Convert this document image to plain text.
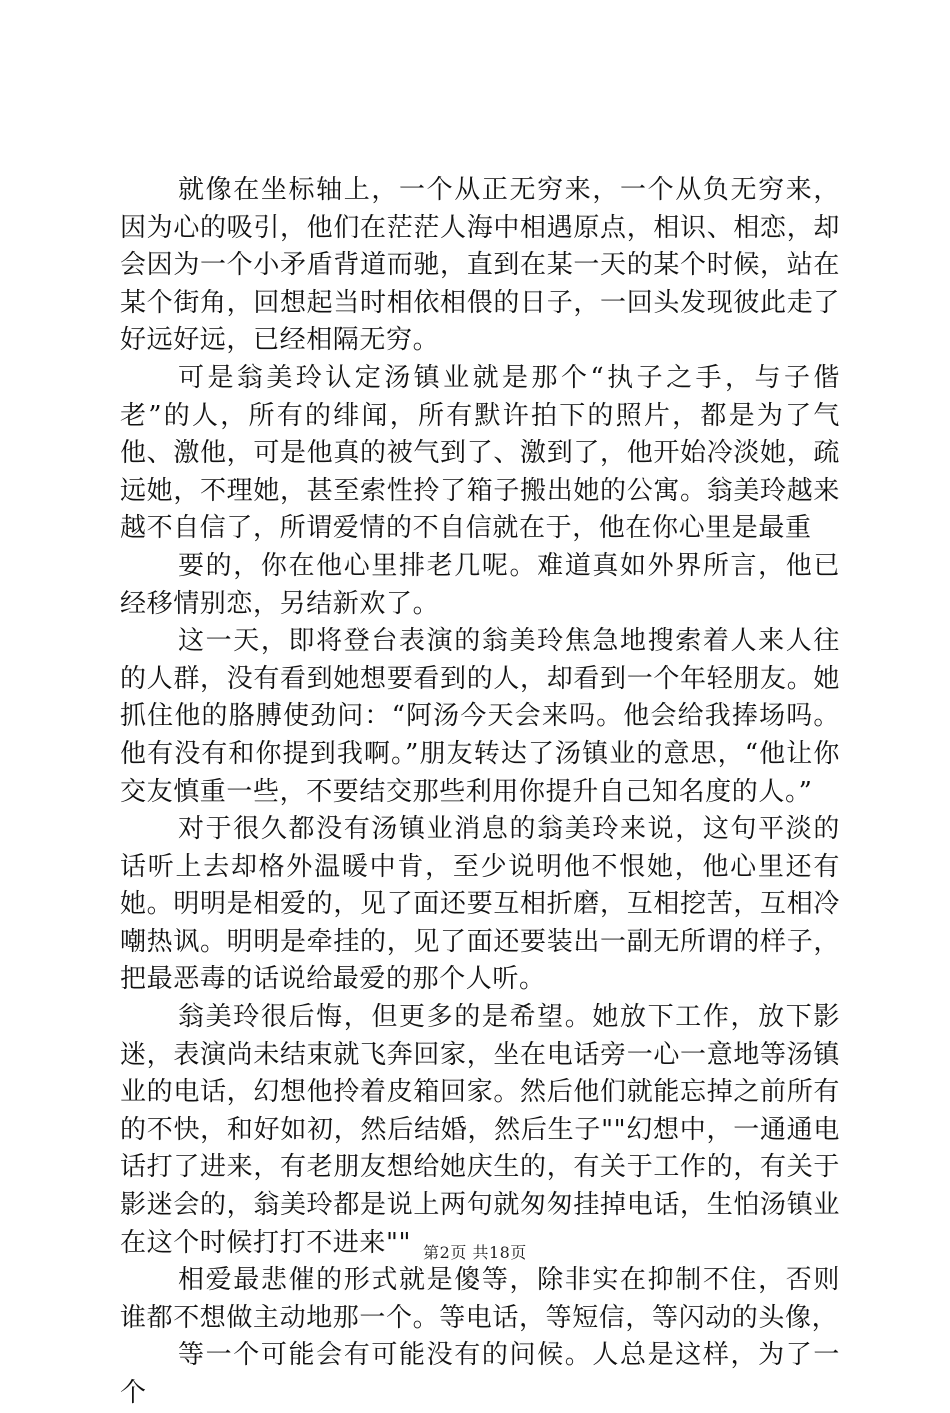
就像在坐标轴上，一个从正无穷来，一个从负无穷来，因为心的吸引，他们在茫茫人海中相遇原点，相识、相恋，却会因为一个小矛盾背道而驰，直到在某一天的某个时候，站在某个街角，回想起当时相依相偎的日子，一回头发现彼此走了好远好远，已经相隔无穷。

可是翁美玲认定汤镇业就是那个“执子之手，与子偕老”的人，所有的绯闻，所有默许拍下的照片，都是为了气他、激他，可是他真的被气到了、激到了，他开始冷淡她，疏远她，不理她，甚至索性拎了箱子搬出她的公寓。翁美玲越来越不自信了，所谓爱情的不自信就在于，他在你心里是最重

要的，你在他心里排老几呢。难道真如外界所言，他已经移情别恋，另结新欢了。

这一天，即将登台表演的翁美玲焦急地搜索着人来人往的人群，没有看到她想要看到的人，却看到一个年轻朋友。她抓住他的胳膊使劲问：“阿汤今天会来吗。他会给我捧场吗。他有没有和你提到我啊。”朋友转达了汤镇业的意思，“他让你交友慎重一些，不要结交那些利用你提升自己知名度的人。”

对于很久都没有汤镇业消息的翁美玲来说，这句平淡的话听上去却格外温暖中肯，至少说明他不恨她，他心里还有她。明明是相爱的，见了面还要互相折磨，互相挖苦，互相冷嘲热讽。明明是牵挂的，见了面还要装出一副无所谓的样子，把最恶毒的话说给最爱的那个人听。

翁美玲很后悔，但更多的是希望。她放下工作，放下影迷，表演尚未结束就飞奔回家，坐在电话旁一心一意地等汤镇业的电话，幻想他拎着皮箱回家。然后他们就能忘掉之前所有的不快，和好如初，然后结婚，然后生子""幻想中，一通通电话打了进来，有老朋友想给她庆生的，有关于工作的，有关于影迷会的，翁美玲都是说上两句就匆匆挂掉电话，生怕汤镇业在这个时候打打不进来""

相爱最悲催的形式就是傻等，除非实在抑制不住，否则谁都不想做主动地那一个。等电话，等短信，等闪动的头像，

等一个可能会有可能没有的问候。人总是这样，为了一个

第2页 共18页
